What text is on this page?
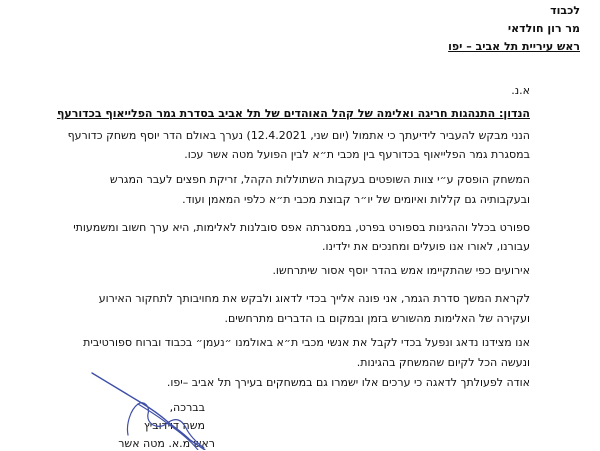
לכבוד
מר רון חולדאי
ראש עיריית תל אביב – יפו
א.נ.
הנדון: התנהגות חריגה ואלימה של קהל האוהדים של תל אביב בסדרת גמר הפלייאוף בכדורעף
הנני מבקש להעביר לידיעתך כי אתמול (יום שני, 12.4.2021) נערך באולם הדר יוסף משחק כדורעף
במסגרת גמר הפלייאוף בכדורעף בין מכבי ת״א לבין הפועל מטה אשר עכו.
המשחק הופסק ע״י צוות השופטים בעקבות השתוללות הקהל, זריקת חפצים לעבר המגרש
ובעקבותיה גם קללות ואיומים של יו״ר קבוצת מכבי ת״א כלפי המאמן ועוד.
ספורט בכלל וההגינות בספורט בפרט, במסגרתה אפס סובלנות לאלימות, היא ערך חשוב ומשמעותי
עבורנו, לאורו אנו פועלים ומחנכים את ילדינו.
אירועים כפי שהתקיימו אמש בהדר יוסף אסור שיתרחשו.
לקראת המשך סדרת הגמר, אני פונה אלייך בכדי לדאוג ולבקש את מחויבותך לתחקור האירוע
ועקירה של האלימות מהשורש בזמן ובמקום בו הדברים מתרחשים.
אנו מצידנו נדאג ונפעל בכדי לקבל את אנשי מכבי ת״א באולמנו ״נעמן״ בכבוד וברוח ספורטיבית
ונעשה הכל לקיום שהמשחק בהגינות.
אודה לפעולתך לדאגה כי ערכים אלו ישמרו גם במשחקים בעירך תל אביב –יפו.
בברכה,
משה דוידוביץ
ראש מ.א. מטה אשר
